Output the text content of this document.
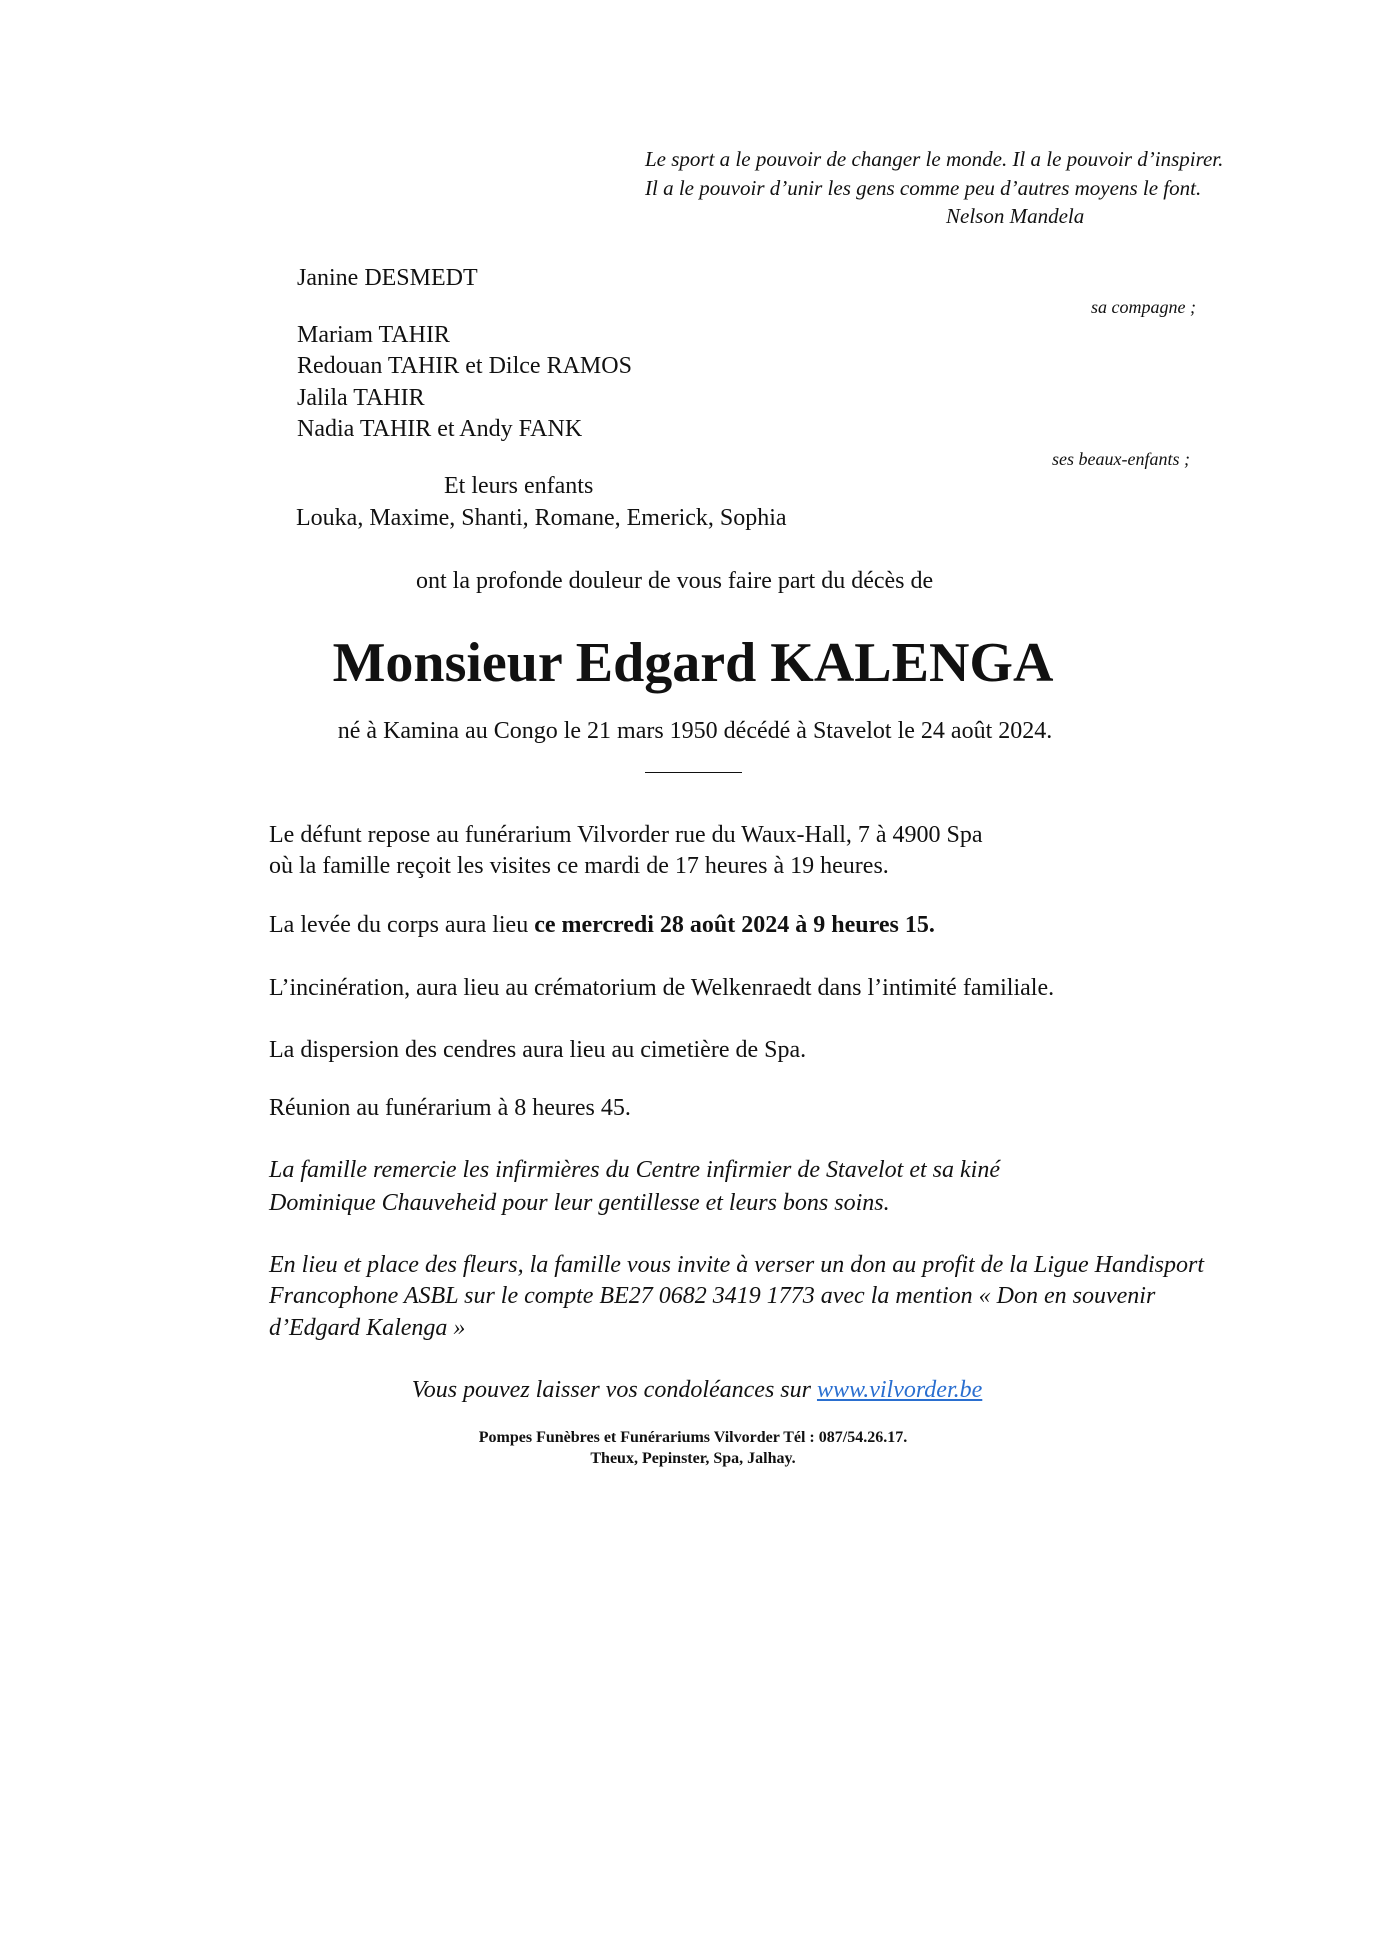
Le sport a le pouvoir de changer le monde. Il a le pouvoir d’inspirer.
Il a le pouvoir d’unir les gens comme peu d’autres moyens le font.
Nelson Mandela
Janine DESMEDT
sa compagne ;
Mariam TAHIR
Redouan TAHIR et Dilce RAMOS
Jalila TAHIR
Nadia TAHIR et Andy FANK
ses beaux-enfants ;
Et leurs enfants
Louka, Maxime, Shanti, Romane, Emerick, Sophia
ont la profonde douleur de vous faire part du décès de
Monsieur Edgard KALENGA
né à Kamina au Congo le 21 mars 1950 décédé à Stavelot le 24 août 2024.
Le défunt repose au funérarium Vilvorder rue du Waux-Hall, 7 à 4900 Spa
où la famille reçoit les visites ce mardi de 17 heures à 19 heures.
La levée du corps aura lieu ce mercredi 28 août 2024 à 9 heures 15.
L’incinération, aura lieu au crématorium de Welkenraedt dans l’intimité familiale.
La dispersion des cendres aura lieu au cimetière de Spa.
Réunion au funérarium à 8 heures 45.
La famille remercie les infirmières du Centre infirmier de Stavelot et sa kiné
Dominique Chauveheid pour leur gentillesse et leurs bons soins.
En lieu et place des fleurs, la famille vous invite à verser un don au profit de la Ligue Handisport
Francophone ASBL sur le compte BE27 0682 3419 1773 avec la mention « Don en souvenir
d’Edgard Kalenga »
Vous pouvez laisser vos condoléances sur www.vilvorder.be
Pompes Funèbres et Funérariums Vilvorder Tél : 087/54.26.17.
Theux, Pepinster, Spa, Jalhay.
